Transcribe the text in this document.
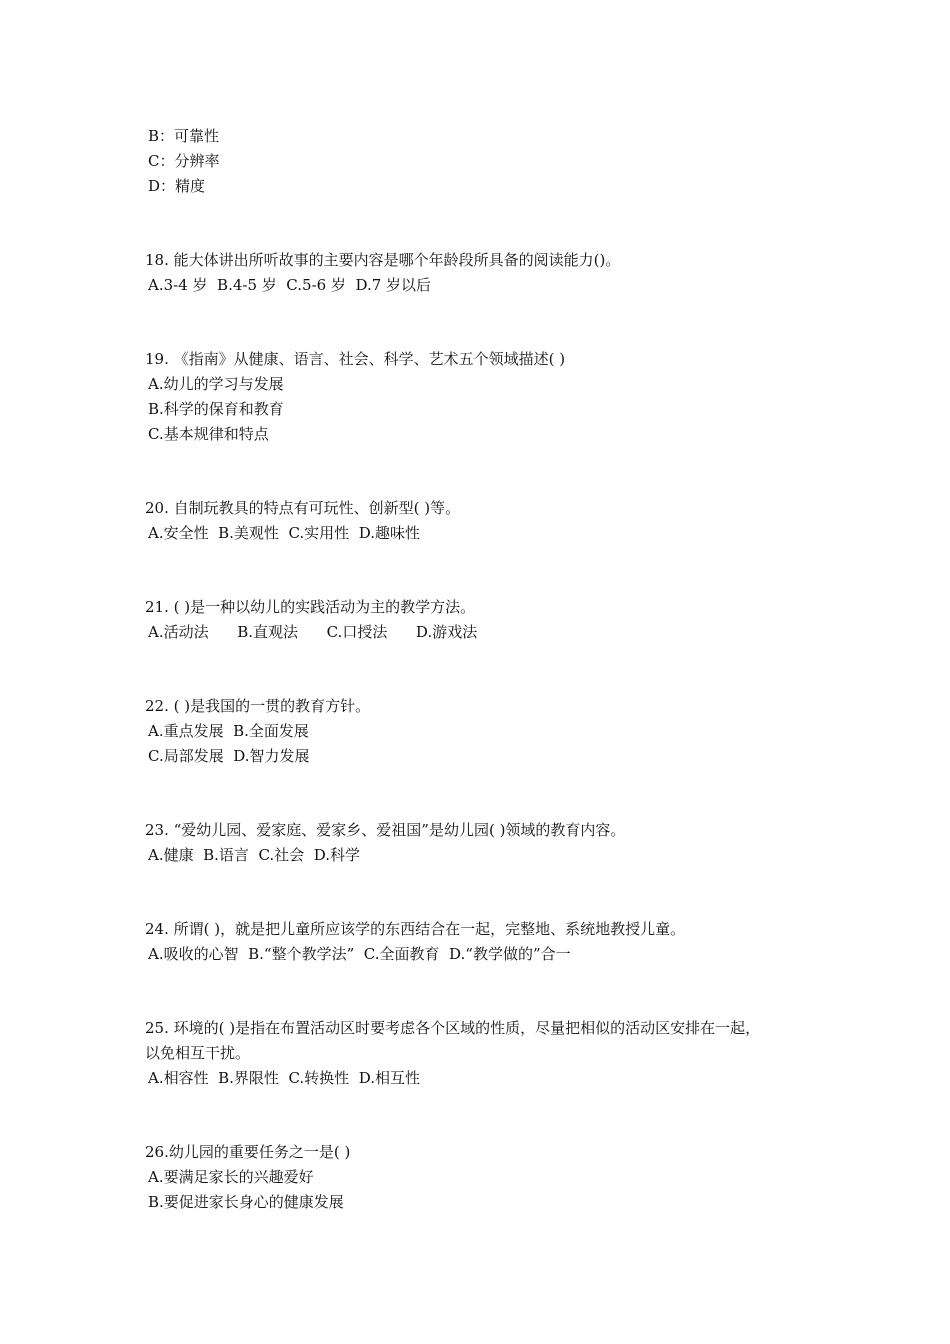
B：可靠性
C：分辨率
D：精度
18. 能大体讲出所听故事的主要内容是哪个年龄段所具备的阅读能力()。
A.3-4 岁  B.4-5 岁  C.5-6 岁  D.7 岁以后
19. 《指南》从健康、语言、社会、科学、艺术五个领域描述( )
A.幼儿的学习与发展
B.科学的保育和教育
C.基本规律和特点
20. 自制玩教具的特点有可玩性、创新型( )等。
A.安全性  B.美观性  C.实用性  D.趣味性
21. ( )是一种以幼儿的实践活动为主的教学方法。
A.活动法      B.直观法      C.口授法      D.游戏法
22. ( )是我国的一贯的教育方针。
A.重点发展  B.全面发展
C.局部发展  D.智力发展
23. “爱幼儿园、爱家庭、爱家乡、爱祖国”是幼儿园( )领域的教育内容。
A.健康  B.语言  C.社会  D.科学
24. 所谓( )，就是把儿童所应该学的东西结合在一起，完整地、系统地教授儿童。
A.吸收的心智  B.“整个教学法”  C.全面教育  D.“教学做的”合一
25. 环境的( )是指在布置活动区时要考虑各个区域的性质，尽量把相似的活动区安排在一起，
以免相互干扰。
A.相容性  B.界限性  C.转换性  D.相互性
26.幼儿园的重要任务之一是( )
A.要满足家长的兴趣爱好
B.要促进家长身心的健康发展
